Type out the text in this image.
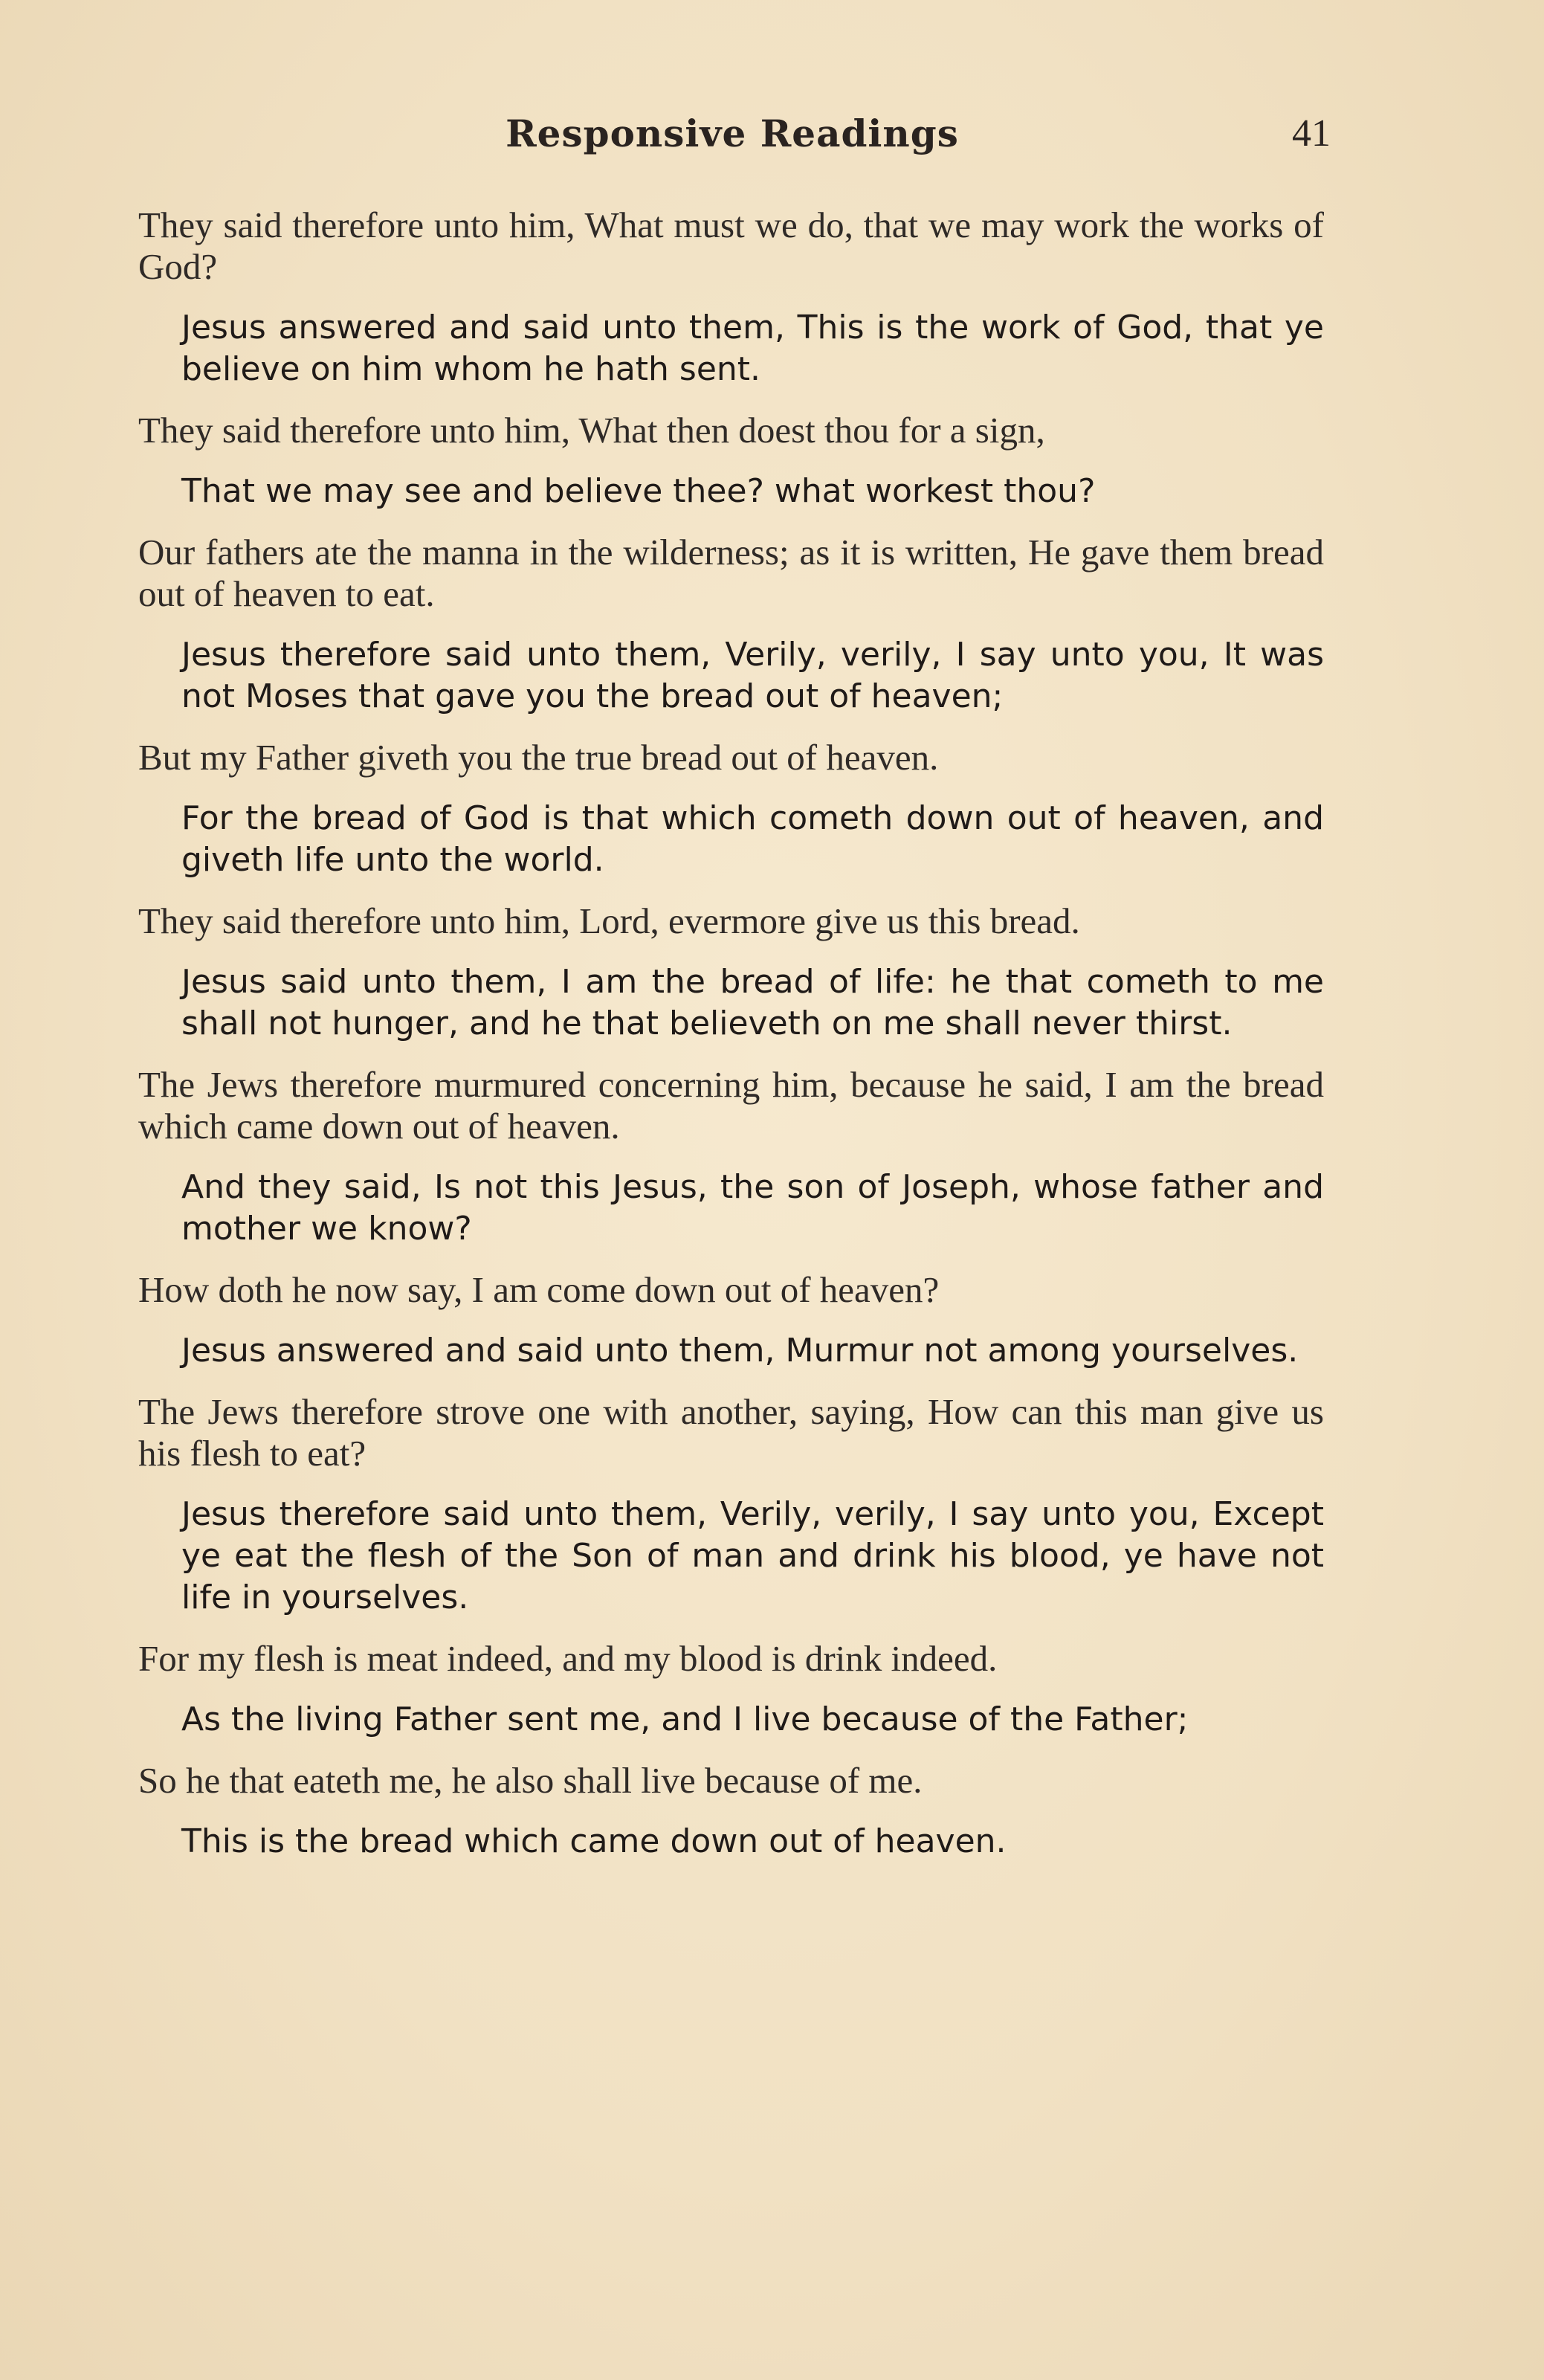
Responsive Readings	41

They said therefore unto him, What must we do, that we may work the works of God?

Jesus answered and said unto them, This is the work of God, that ye believe on him whom he hath sent.

They said therefore unto him, What then doest thou for a sign,

That we may see and believe thee? what workest thou?

Our fathers ate the manna in the wilderness; as it is written, He gave them bread out of heaven to eat.

Jesus therefore said unto them, Verily, verily, I say unto you, It was not Moses that gave you the bread out of heaven;

But my Father giveth you the true bread out of heaven.

For the bread of God is that which cometh down out of heaven, and giveth life unto the world.

They said therefore unto him, Lord, evermore give us this bread.

Jesus said unto them, I am the bread of life: he that cometh to me shall not hunger, and he that believeth on me shall never thirst.

The Jews therefore murmured concerning him, because he said, I am the bread which came down out of heaven.

And they said, Is not this Jesus, the son of Joseph, whose father and mother we know?

How doth he now say, I am come down out of heaven?

Jesus answered and said unto them, Murmur not among yourselves.

The Jews therefore strove one with another, saying, How can this man give us his flesh to eat?

Jesus therefore said unto them, Verily, verily, I say unto you, Except ye eat the flesh of the Son of man and drink his blood, ye have not life in yourselves.

For my flesh is meat indeed, and my blood is drink indeed.

As the living Father sent me, and I live because of the Father;

So he that eateth me, he also shall live because of me.

This is the bread which came down out of heaven.
